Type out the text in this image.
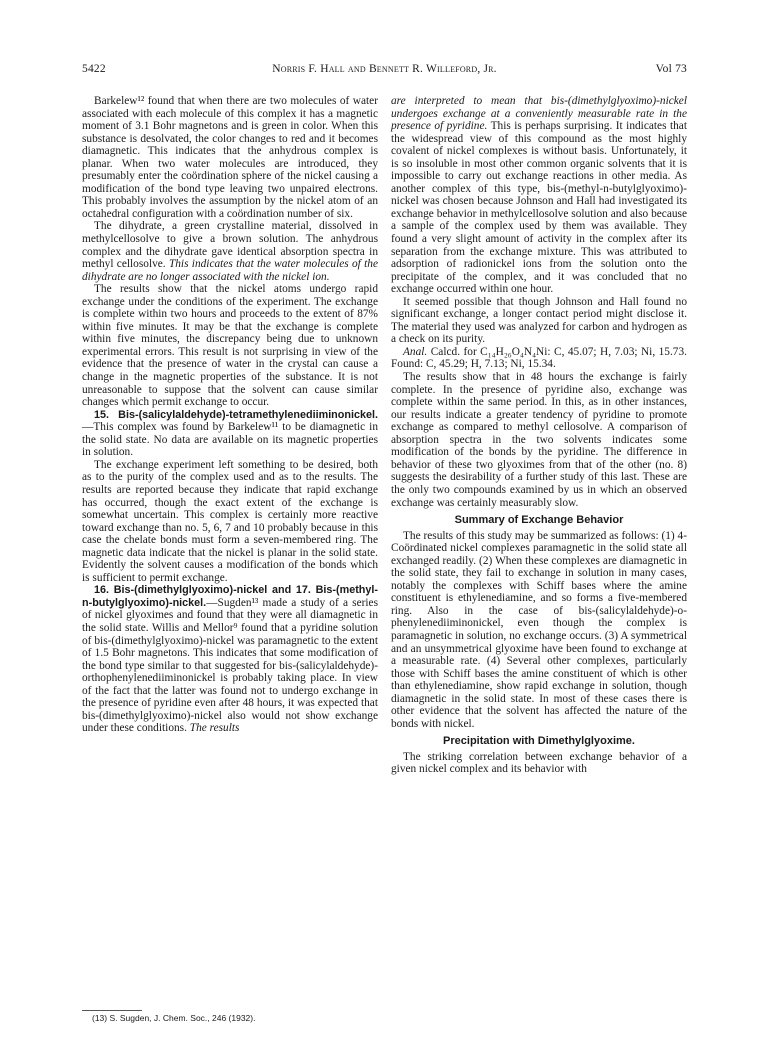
5422	Norris F. Hall and Bennett R. Willeford, Jr.	Vol 73

Barkelew¹² found that when there are two molecules of water associated with each molecule of this complex it has a magnetic moment of 3.1 Bohr magnetons and is green in color. When this substance is desolvated, the color changes to red and it becomes diamagnetic. This indicates that the anhydrous complex is planar. When two water molecules are introduced, they presumably enter the coördination sphere of the nickel causing a modification of the bond type leaving two unpaired electrons. This probably involves the assumption by the nickel atom of an octahedral configuration with a coördination number of six.

The dihydrate, a green crystalline material, dissolved in methylcellosolve to give a brown solution. The anhydrous complex and the dihydrate gave identical absorption spectra in methyl cellosolve. This indicates that the water molecules of the dihydrate are no longer associated with the nickel ion.

The results show that the nickel atoms undergo rapid exchange under the conditions of the experiment. The exchange is complete within two hours and proceeds to the extent of 87% within five minutes. It may be that the exchange is complete within five minutes, the discrepancy being due to unknown experimental errors. This result is not surprising in view of the evidence that the presence of water in the crystal can cause a change in the magnetic properties of the substance. It is not unreasonable to suppose that the solvent can cause similar changes which permit exchange to occur.

15. Bis-(salicylaldehyde)-tetramethylenediiminonickel.—This complex was found by Barkelew¹¹ to be diamagnetic in the solid state. No data are available on its magnetic properties in solution.

The exchange experiment left something to be desired, both as to the purity of the complex used and as to the results. The results are reported because they indicate that rapid exchange has occurred, though the exact extent of the exchange is somewhat uncertain. This complex is certainly more reactive toward exchange than no. 5, 6, 7 and 10 probably because in this case the chelate bonds must form a seven-membered ring. The magnetic data indicate that the nickel is planar in the solid state. Evidently the solvent causes a modification of the bonds which is sufficient to permit exchange.

16. Bis-(dimethylglyoximo)-nickel and 17. Bis-(methyl-n-butylglyoximo)-nickel.—Sugden¹³ made a study of a series of nickel glyoximes and found that they were all diamagnetic in the solid state. Willis and Mellor⁹ found that a pyridine solution of bis-(dimethylglyoximo)-nickel was paramagnetic to the extent of 1.5 Bohr magnetons. This indicates that some modification of the bond type similar to that suggested for bis-(salicylaldehyde)-orthophenylenediiminonickel is probably taking place. In view of the fact that the latter was found not to undergo exchange in the presence of pyridine even after 48 hours, it was expected that bis-(dimethylglyoximo)-nickel also would not show exchange under these conditions. The results

are interpreted to mean that bis-(dimethylglyoximo)-nickel undergoes exchange at a conveniently measurable rate in the presence of pyridine. This is perhaps surprising. It indicates that the widespread view of this compound as the most highly covalent of nickel complexes is without basis. Unfortunately, it is so insoluble in most other common organic solvents that it is impossible to carry out exchange reactions in other media. As another complex of this type, bis-(methyl-n-butylglyoximo)-nickel was chosen because Johnson and Hall had investigated its exchange behavior in methylcellosolve solution and also because a sample of the complex used by them was available. They found a very slight amount of activity in the complex after its separation from the exchange mixture. This was attributed to adsorption of radionickel ions from the solution onto the precipitate of the complex, and it was concluded that no exchange occurred within one hour.

It seemed possible that though Johnson and Hall found no significant exchange, a longer contact period might disclose it. The material they used was analyzed for carbon and hydrogen as a check on its purity.

Anal. Calcd. for C₁₄H₂₆O₄N₄Ni: C, 45.07; H, 7.03; Ni, 15.73. Found: C, 45.29; H, 7.13; Ni, 15.34.

The results show that in 48 hours the exchange is fairly complete. In the presence of pyridine also, exchange was complete within the same period. In this, as in other instances, our results indicate a greater tendency of pyridine to promote exchange as compared to methyl cellosolve. A comparison of absorption spectra in the two solvents indicates some modification of the bonds by the pyridine. The difference in behavior of these two glyoximes from that of the other (no. 8) suggests the desirability of a further study of this last. These are the only two compounds examined by us in which an observed exchange was certainly measurably slow.

Summary of Exchange Behavior

The results of this study may be summarized as follows: (1) 4-Coördinated nickel complexes paramagnetic in the solid state all exchanged readily. (2) When these complexes are diamagnetic in the solid state, they fail to exchange in solution in many cases, notably the complexes with Schiff bases where the amine constituent is ethylenediamine, and so forms a five-membered ring. Also in the case of bis-(salicylaldehyde)-o-phenylenediiminonickel, even though the complex is paramagnetic in solution, no exchange occurs. (3) A symmetrical and an unsymmetrical glyoxime have been found to exchange at a measurable rate. (4) Several other complexes, particularly those with Schiff bases the amine constituent of which is other than ethylenediamine, show rapid exchange in solution, though diamagnetic in the solid state. In most of these cases there is other evidence that the solvent has affected the nature of the bonds with nickel.

Precipitation with Dimethylglyoxime.

The striking correlation between exchange behavior of a given nickel complex and its behavior with

(13) S. Sugden, J. Chem. Soc., 246 (1932).
